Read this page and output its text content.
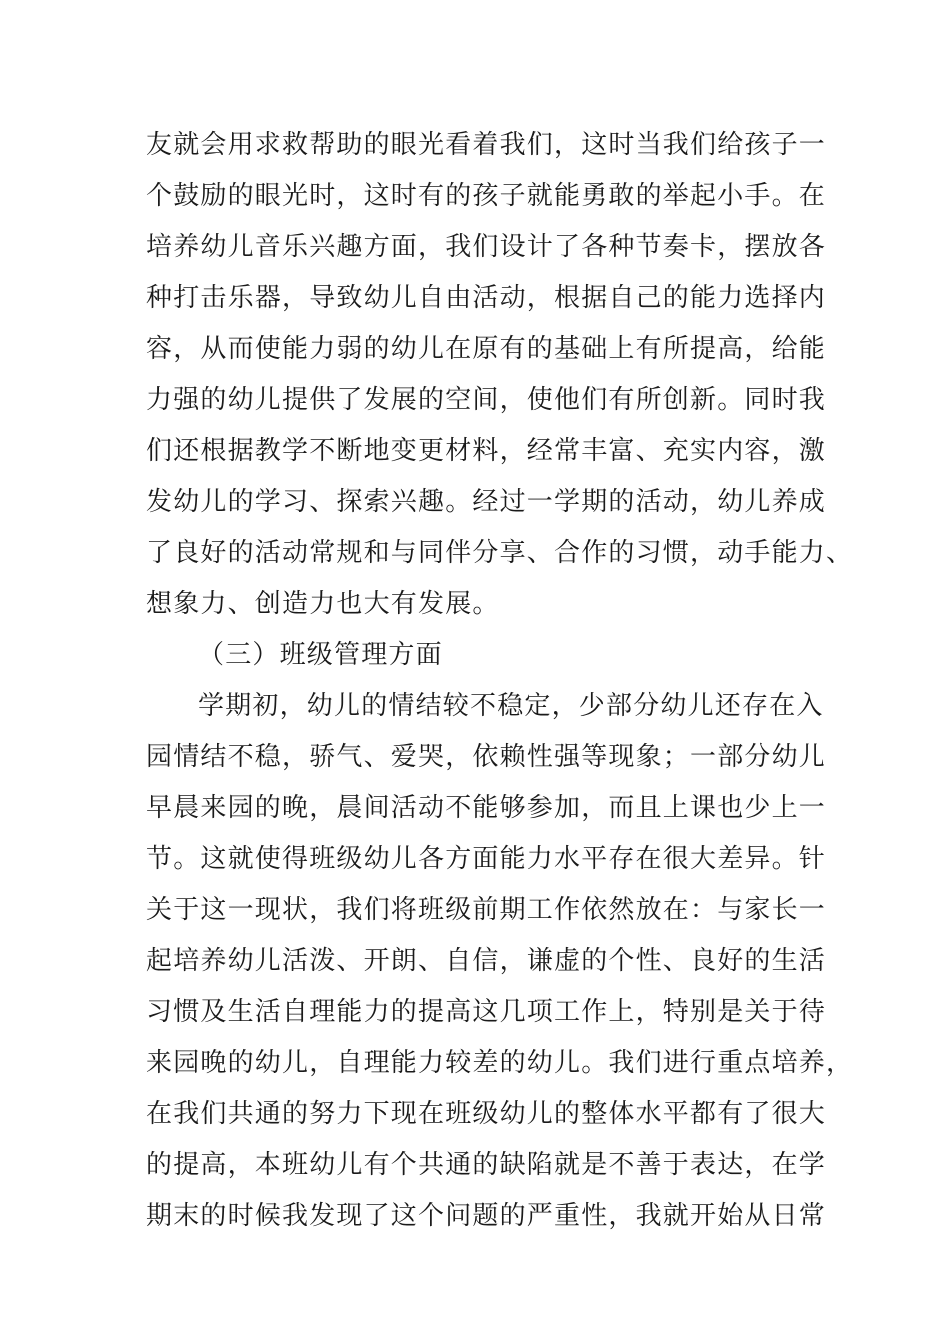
友就会用求救帮助的眼光看着我们，这时当我们给孩子一
个鼓励的眼光时，这时有的孩子就能勇敢的举起小手。在
培养幼儿音乐兴趣方面，我们设计了各种节奏卡，摆放各
种打击乐器，导致幼儿自由活动，根据自己的能力选择内
容，从而使能力弱的幼儿在原有的基础上有所提高，给能
力强的幼儿提供了发展的空间，使他们有所创新。同时我
们还根据教学不断地变更材料，经常丰富、充实内容，激
发幼儿的学习、探索兴趣。经过一学期的活动，幼儿养成
了良好的活动常规和与同伴分享、合作的习惯，动手能力、
想象力、创造力也大有发展。
（三）班级管理方面
学期初，幼儿的情结较不稳定，少部分幼儿还存在入
园情结不稳，骄气、爱哭，依赖性强等现象；一部分幼儿
早晨来园的晚，晨间活动不能够参加，而且上课也少上一
节。这就使得班级幼儿各方面能力水平存在很大差异。针
关于这一现状，我们将班级前期工作依然放在：与家长一
起培养幼儿活泼、开朗、自信，谦虚的个性、良好的生活
习惯及生活自理能力的提高这几项工作上，特别是关于待
来园晚的幼儿，自理能力较差的幼儿。我们进行重点培养，
在我们共通的努力下现在班级幼儿的整体水平都有了很大
的提高，本班幼儿有个共通的缺陷就是不善于表达，在学
期末的时候我发现了这个问题的严重性，我就开始从日常
